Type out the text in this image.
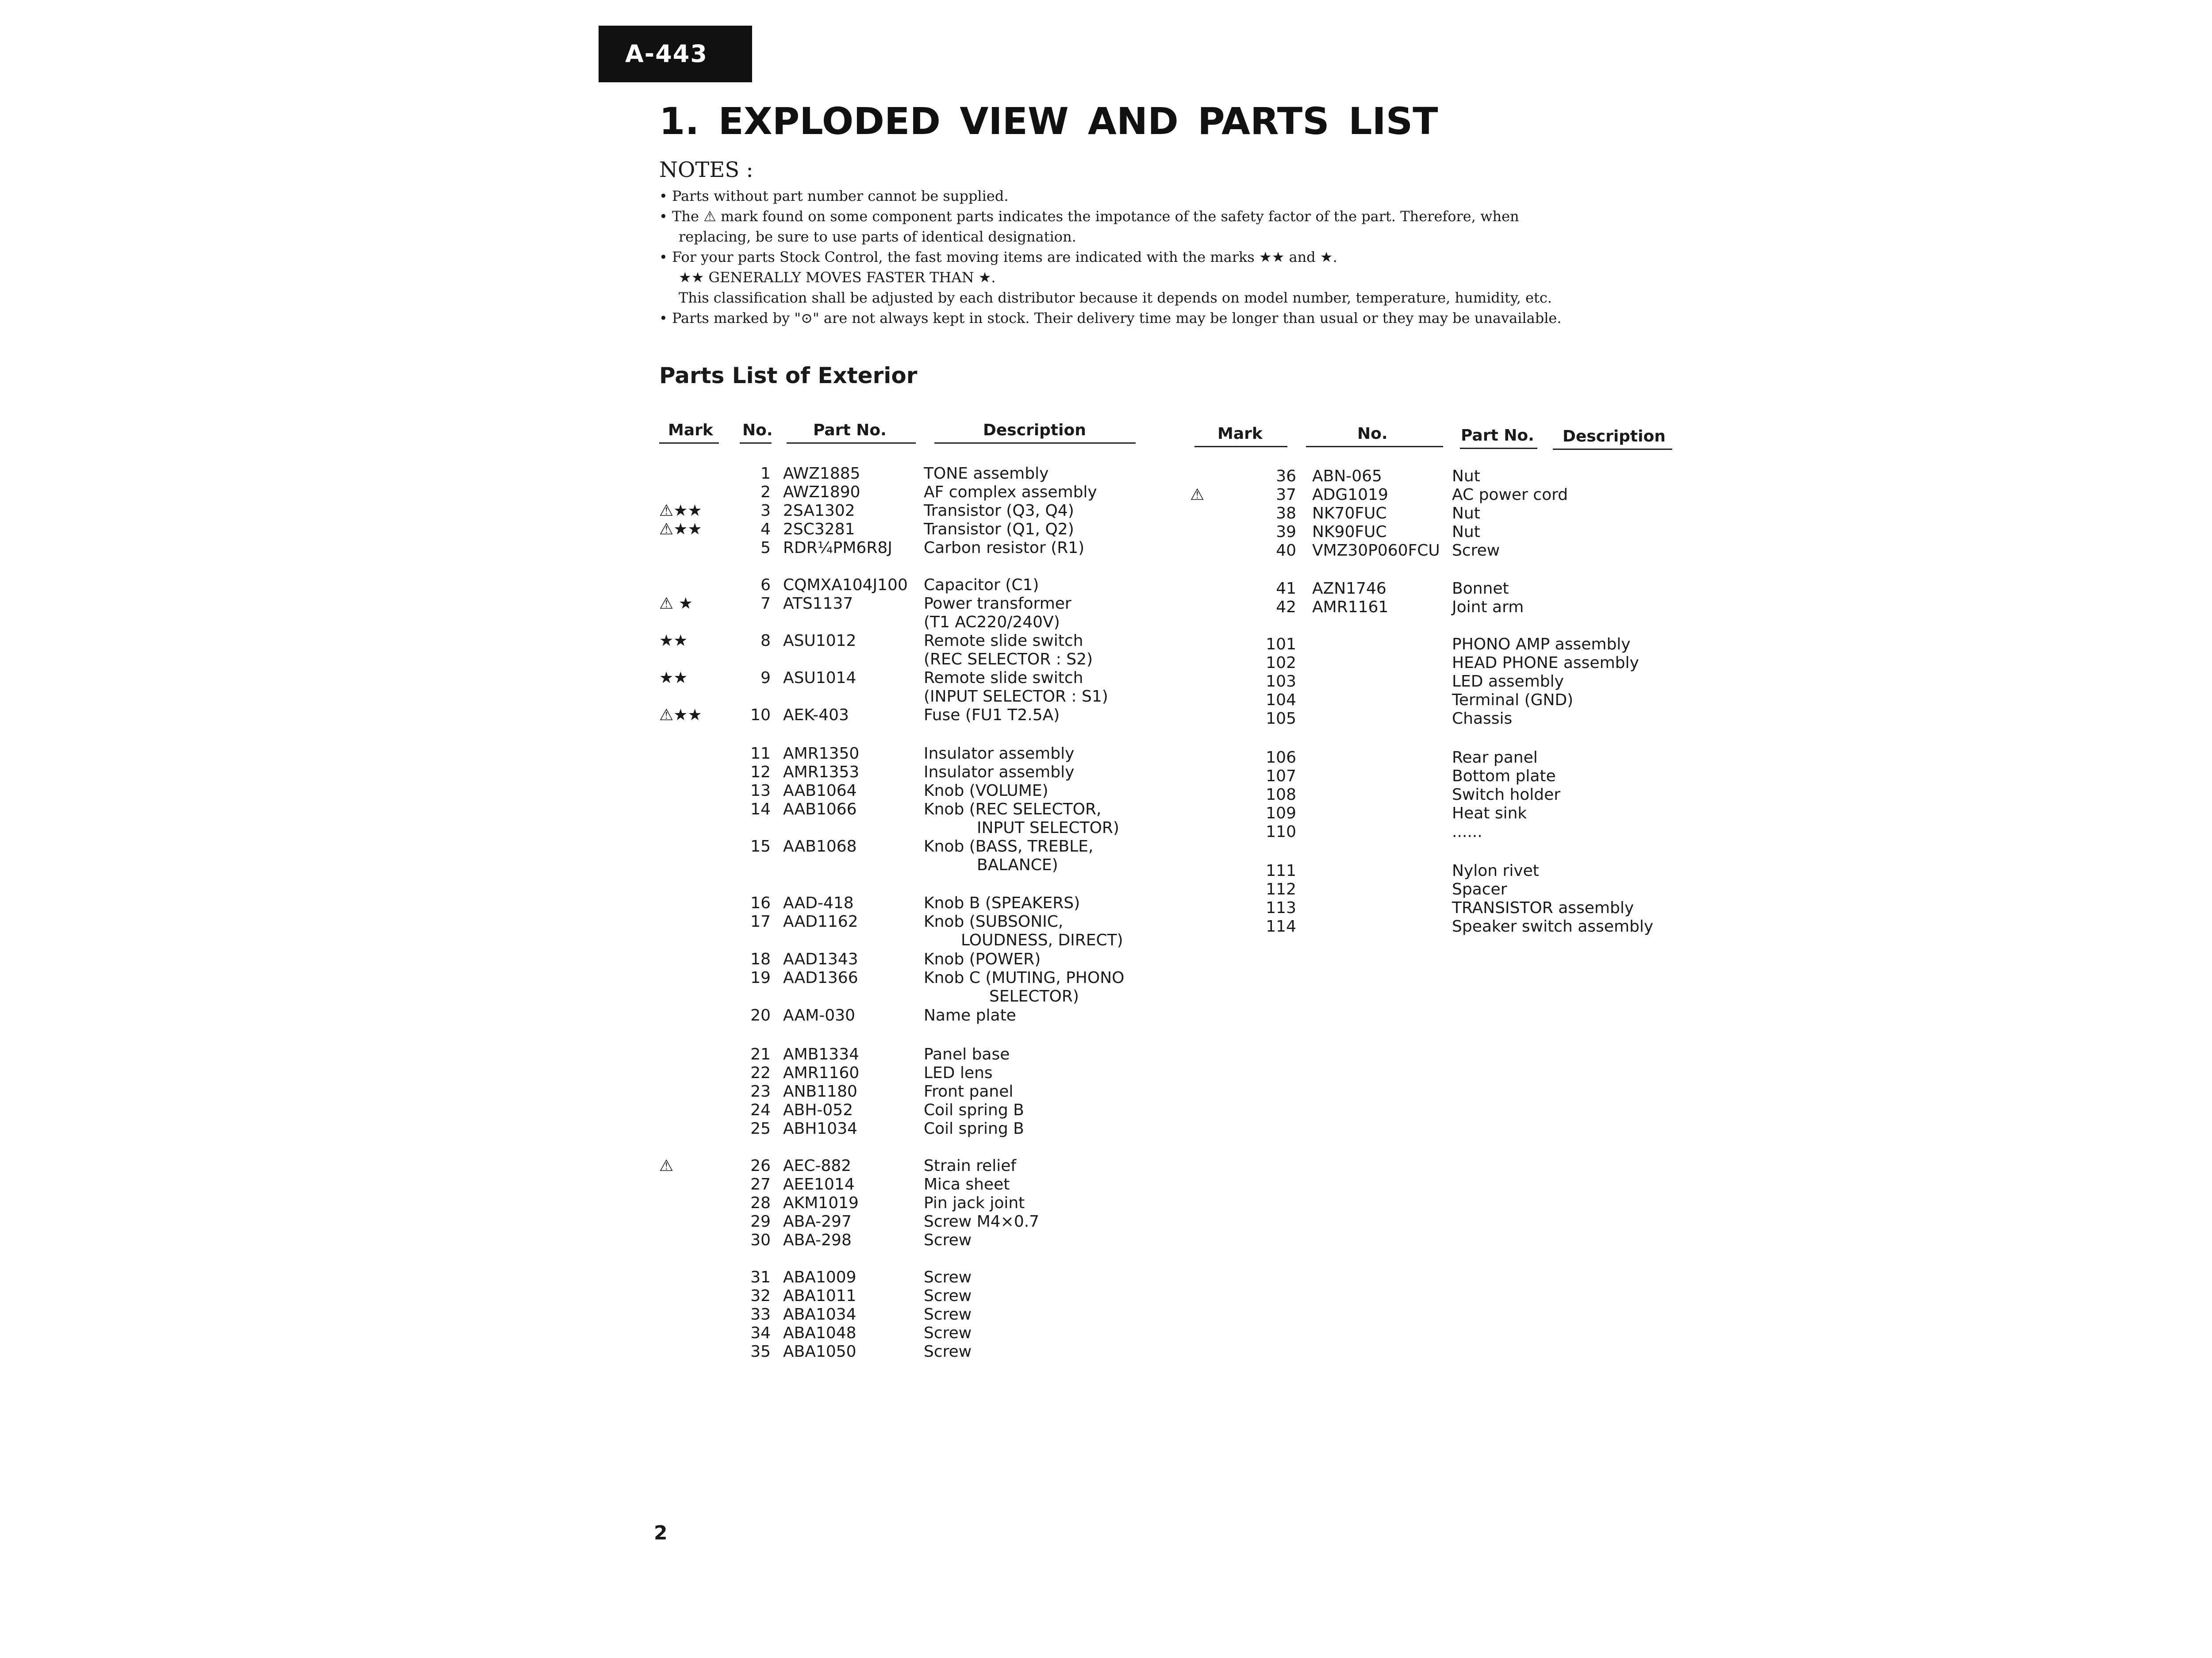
A-443
1. EXPLODED VIEW AND PARTS LIST
NOTES :
• Parts without part number cannot be supplied.
• The ⚠ mark found on some component parts indicates the impotance of the safety factor of the part. Therefore, when
replacing, be sure to use parts of identical designation.
• For your parts Stock Control, the fast moving items are indicated with the marks ★★ and ★.
★★ GENERALLY MOVES FASTER THAN ★.
This classification shall be adjusted by each distributor because it depends on model number, temperature, humidity, etc.
• Parts marked by "⊙" are not always kept in stock. Their delivery time may be longer than usual or they may be unavailable.
Parts List of Exterior
Mark No.	Part No.	Description	Mark	No.	Part No. Description
1 AWZ1885	TONE assembly
2 AWZ1890	AF complex assembly
⚠★★	3 2SA1302	Transistor (Q3, Q4)
⚠★★	4 2SC3281	Transistor (Q1, Q2)
5 RDR¼PM6R8J Carbon resistor (R1)
6 CQMXA104J100 Capacitor (C1)
⚠ ★	7 ATS1137	Power transformer
(T1 AC220/240V)
★★	8 ASU1012	Remote slide switch
(REC SELECTOR : S2)
★★	9 ASU1014	Remote slide switch
(INPUT SELECTOR : S1)
⚠★★	10 AEK-403	Fuse (FU1 T2.5A)
11 AMR1350	Insulator assembly
12 AMR1353	Insulator assembly
13 AAB1064	Knob (VOLUME)
14 AAB1066	Knob (REC SELECTOR,
INPUT SELECTOR)
15 AAB1068	Knob (BASS, TREBLE,
BALANCE)
16 AAD-418	Knob B (SPEAKERS)
17 AAD1162	Knob (SUBSONIC,
LOUDNESS, DIRECT)
18 AAD1343	Knob (POWER)
19 AAD1366	Knob C (MUTING, PHONO
SELECTOR)
20 AAM-030	Name plate
21 AMB1334	Panel base
22 AMR1160	LED lens
23 ANB1180	Front panel
24 ABH-052	Coil spring B
25 ABH1034	Coil spring B
⚠	26 AEC-882	Strain relief
27 AEE1014	Mica sheet
28 AKM1019	Pin jack joint
29 ABA-297	Screw M4×0.7
30 ABA-298	Screw
31 ABA1009	Screw
32 ABA1011	Screw
33 ABA1034	Screw
34 ABA1048	Screw
35 ABA1050	Screw
36 ABN-065	Nut
⚠	37 ADG1019	AC power cord
38 NK70FUC	Nut
39 NK90FUC	Nut
40 VMZ30P060FCU Screw
41 AZN1746	Bonnet
42 AMR1161	Joint arm
101	PHONO AMP assembly
102	HEAD PHONE assembly
103	LED assembly
104	Terminal (GND)
105	Chassis
106	Rear panel
107	Bottom plate
108	Switch holder
109	Heat sink
110	......
111	Nylon rivet
112	Spacer
113	TRANSISTOR assembly
114	Speaker switch assembly
2
